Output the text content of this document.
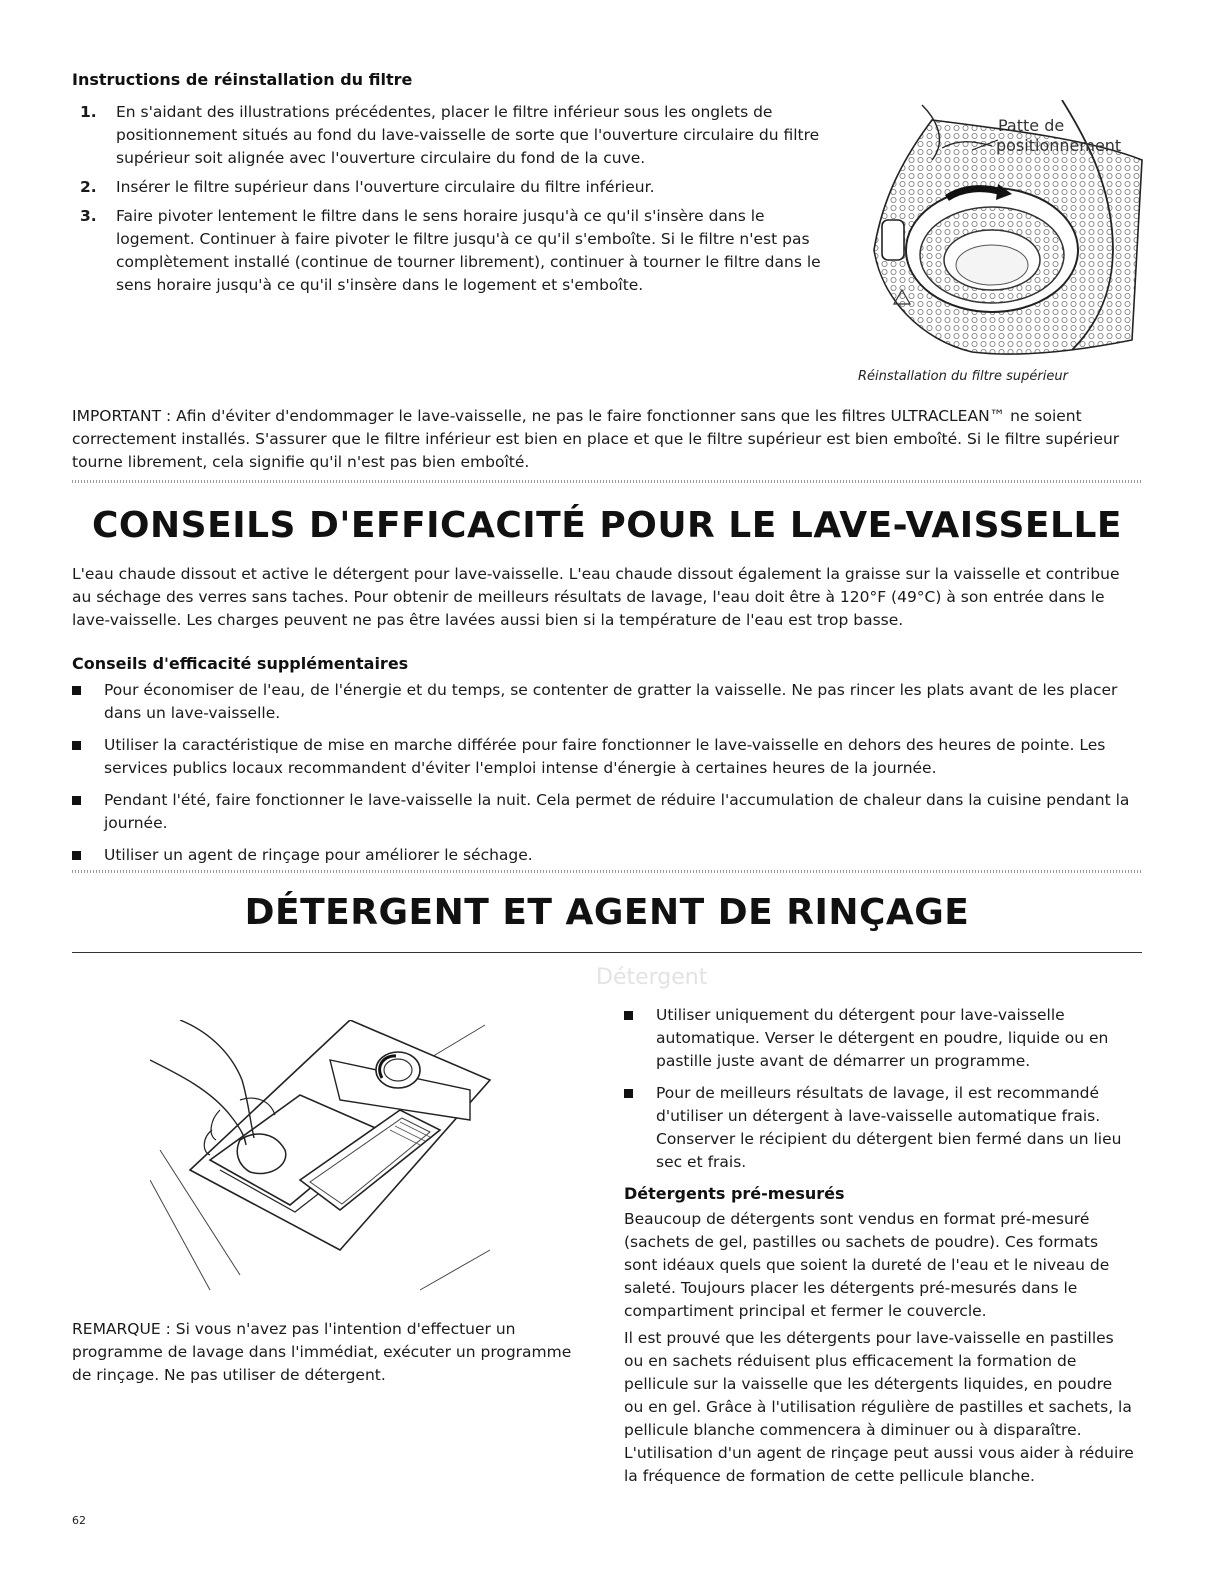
Instructions de réinstallation du filtre
1. En s'aidant des illustrations précédentes, placer le filtre inférieur sous les onglets de positionnement situés au fond du lave-vaisselle de sorte que l'ouverture circulaire du filtre supérieur soit alignée avec l'ouverture circulaire du fond de la cuve.
2. Insérer le filtre supérieur dans l'ouverture circulaire du filtre inférieur.
3. Faire pivoter lentement le filtre dans le sens horaire jusqu'à ce qu'il s'insère dans le logement. Continuer à faire pivoter le filtre jusqu'à ce qu'il s'emboîte. Si le filtre n'est pas complètement installé (continue de tourner librement), continuer à tourner le filtre dans le sens horaire jusqu'à ce qu'il s'insère dans le logement et s'emboîte.
Patte de
positionnement
Réinstallation du filtre supérieur
IMPORTANT : Afin d'éviter d'endommager le lave-vaisselle, ne pas le faire fonctionner sans que les filtres ULTRACLEAN™ ne soient correctement installés. S'assurer que le filtre inférieur est bien en place et que le filtre supérieur est bien emboîté. Si le filtre supérieur tourne librement, cela signifie qu'il n'est pas bien emboîté.
CONSEILS D'EFFICACITÉ POUR LE LAVE-VAISSELLE
L'eau chaude dissout et active le détergent pour lave-vaisselle. L'eau chaude dissout également la graisse sur la vaisselle et contribue au séchage des verres sans taches. Pour obtenir de meilleurs résultats de lavage, l'eau doit être à 120°F (49°C) à son entrée dans le lave-vaisselle. Les charges peuvent ne pas être lavées aussi bien si la température de l'eau est trop basse.
Conseils d'efficacité supplémentaires
Pour économiser de l'eau, de l'énergie et du temps, se contenter de gratter la vaisselle. Ne pas rincer les plats avant de les placer dans un lave-vaisselle.
Utiliser la caractéristique de mise en marche différée pour faire fonctionner le lave-vaisselle en dehors des heures de pointe. Les services publics locaux recommandent d'éviter l'emploi intense d'énergie à certaines heures de la journée.
Pendant l'été, faire fonctionner le lave-vaisselle la nuit. Cela permet de réduire l'accumulation de chaleur dans la cuisine pendant la journée.
Utiliser un agent de rinçage pour améliorer le séchage.
DÉTERGENT ET AGENT DE RINÇAGE
Détergent
REMARQUE : Si vous n'avez pas l'intention d'effectuer un programme de lavage dans l'immédiat, exécuter un programme de rinçage. Ne pas utiliser de détergent.
Utiliser uniquement du détergent pour lave-vaisselle automatique. Verser le détergent en poudre, liquide ou en pastille juste avant de démarrer un programme.
Pour de meilleurs résultats de lavage, il est recommandé d'utiliser un détergent à lave-vaisselle automatique frais. Conserver le récipient du détergent bien fermé dans un lieu sec et frais.
Détergents pré-mesurés
Beaucoup de détergents sont vendus en format pré-mesuré (sachets de gel, pastilles ou sachets de poudre). Ces formats sont idéaux quels que soient la dureté de l'eau et le niveau de saleté. Toujours placer les détergents pré-mesurés dans le compartiment principal et fermer le couvercle.
Il est prouvé que les détergents pour lave-vaisselle en pastilles ou en sachets réduisent plus efficacement la formation de pellicule sur la vaisselle que les détergents liquides, en poudre ou en gel. Grâce à l'utilisation régulière de pastilles et sachets, la pellicule blanche commencera à diminuer ou à disparaître. L'utilisation d'un agent de rinçage peut aussi vous aider à réduire la fréquence de formation de cette pellicule blanche.
62
